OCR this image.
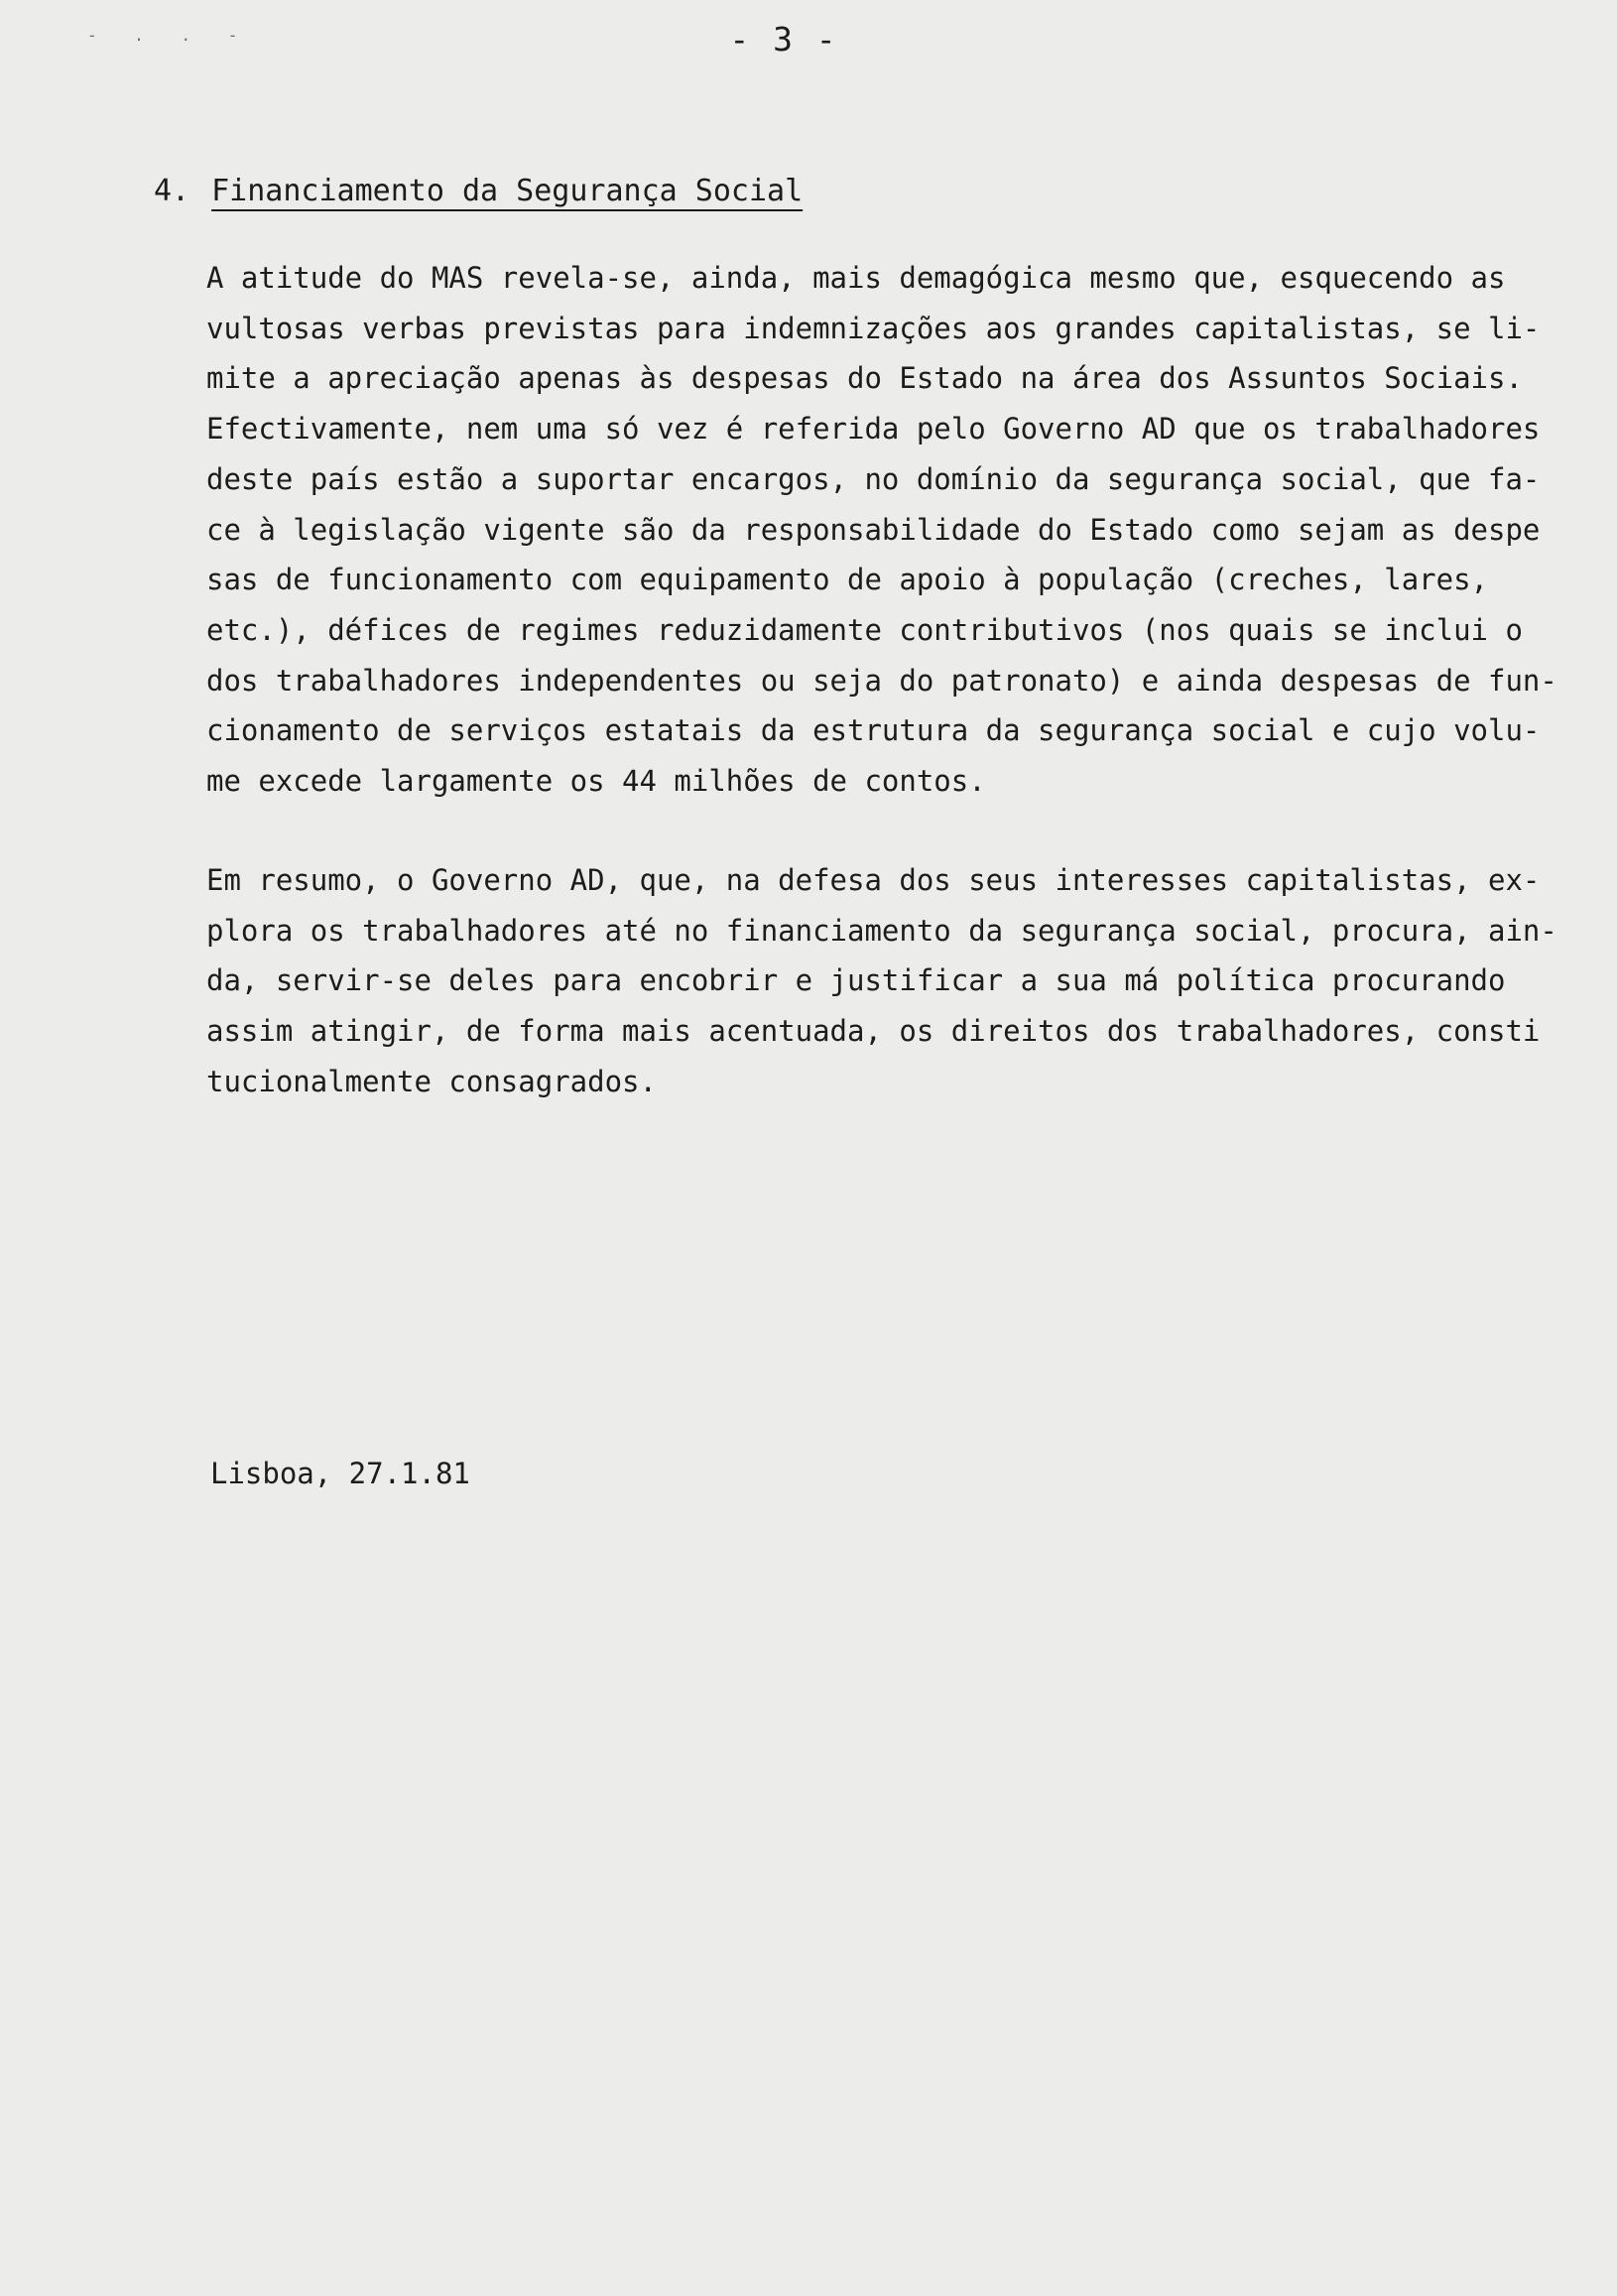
- . . -	- 3 -
4. Financiamento da Segurança Social

A atitude do MAS revela-se, ainda, mais demagógica mesmo que, esquecendo as
vultosas verbas previstas para indemnizações aos grandes capitalistas, se li-
mite a apreciação apenas às despesas do Estado na área dos Assuntos Sociais.
Efectivamente, nem uma só vez é referida pelo Governo AD que os trabalhadores
deste país estão a suportar encargos, no domínio da segurança social, que fa-
ce à legislação vigente são da responsabilidade do Estado como sejam as despe
sas de funcionamento com equipamento de apoio à população (creches, lares,
etc.), défices de regimes reduzidamente contributivos (nos quais se inclui o
dos trabalhadores independentes ou seja do patronato) e ainda despesas de fun-
cionamento de serviços estatais da estrutura da segurança social e cujo volu-
me excede largamente os 44 milhões de contos.

Em resumo, o Governo AD, que, na defesa dos seus interesses capitalistas, ex-
plora os trabalhadores até no financiamento da segurança social, procura, ain-
da, servir-se deles para encobrir e justificar a sua má política procurando
assim atingir, de forma mais acentuada, os direitos dos trabalhadores, consti
tucionalmente consagrados.

Lisboa, 27.1.81
